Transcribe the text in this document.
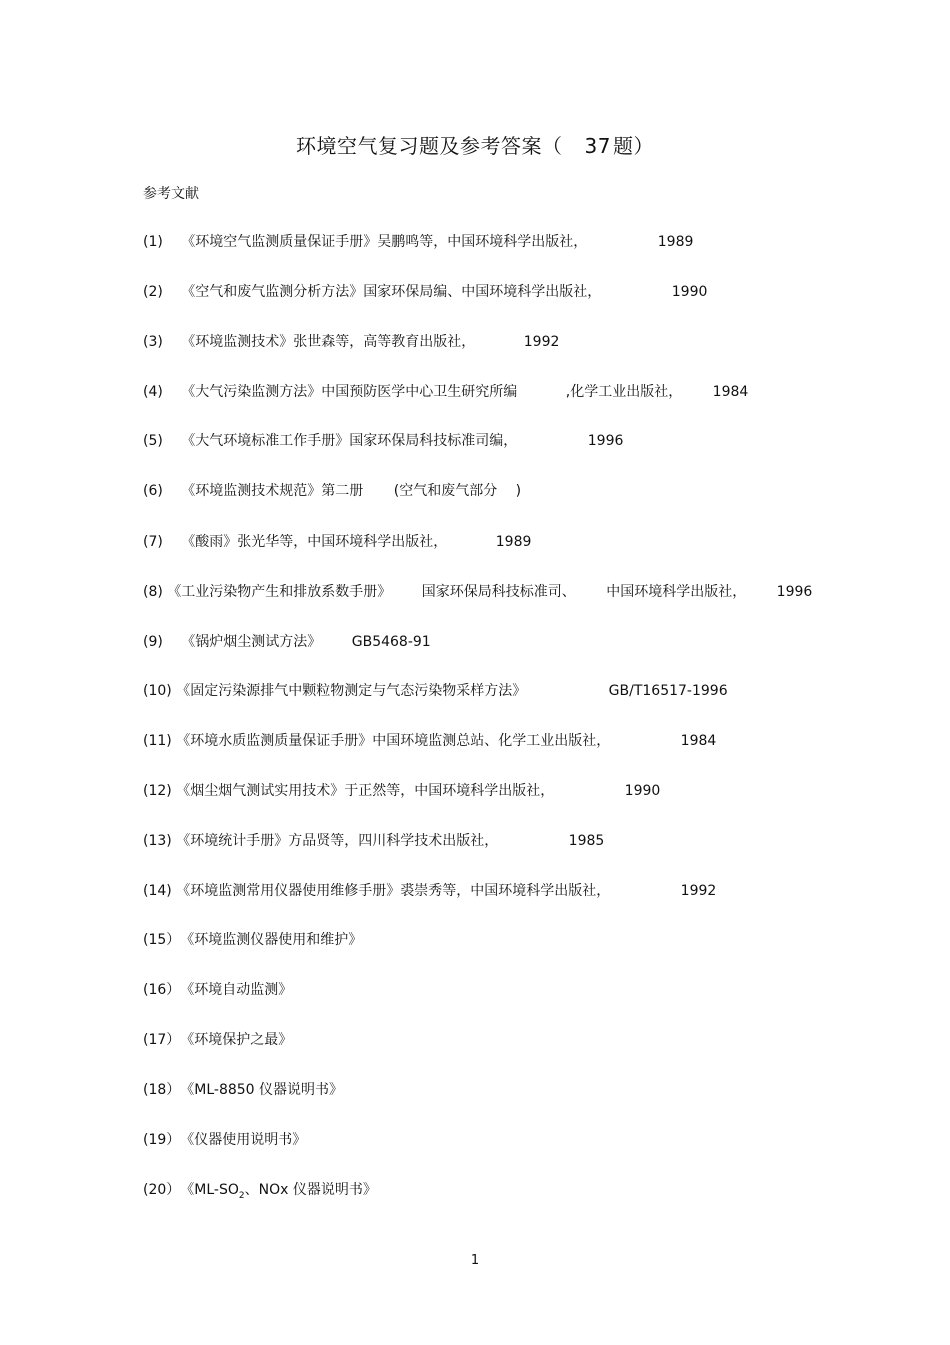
环境空气复习题及参考答案（ 37 题）
参考文献
(1) 《环境空气监测质量保证手册》吴鹏鸣等，中国环境科学出版社，	1989
(2) 《空气和废气监测分析方法》国家环保局编、中国环境科学出版社，	1990
(3) 《环境监测技术》张世森等，高等教育出版社，	1992
(4) 《大气污染监测方法》中国预防医学中心卫生研究所编	,化学工业出版社， 1984
(5) 《大气环境标准工作手册》国家环保局科技标准司编，	1996
(6) 《环境监测技术规范》第二册 (空气和废气部分 )
(7) 《酸雨》张光华等，中国环境科学出版社，	1989
(8) 《工业污染物产生和排放系数手册》 国家环保局科技标准司、 中国环境科学出版社， 1996
(9) 《锅炉烟尘测试方法》 GB5468-91
(10) 《固定污染源排气中颗粒物测定与气态污染物采样方法》	GB/T16517-1996
(11) 《环境水质监测质量保证手册》中国环境监测总站、化学工业出版社，	1984
(12) 《烟尘烟气测试实用技术》于正然等，中国环境科学出版社，	1990
(13) 《环境统计手册》方品贤等，四川科学技术出版社，	1985
(14) 《环境监测常用仪器使用维修手册》裘崇秀等，中国环境科学出版社，	1992
(15）《环境监测仪器使用和维护》
(16）《环境自动监测》
(17）《环境保护之最》
(18）《ML-8850 仪器说明书》
(19）《仪器使用说明书》
(20）《$ML-SO_2$、NOx 仪器说明书》
1
